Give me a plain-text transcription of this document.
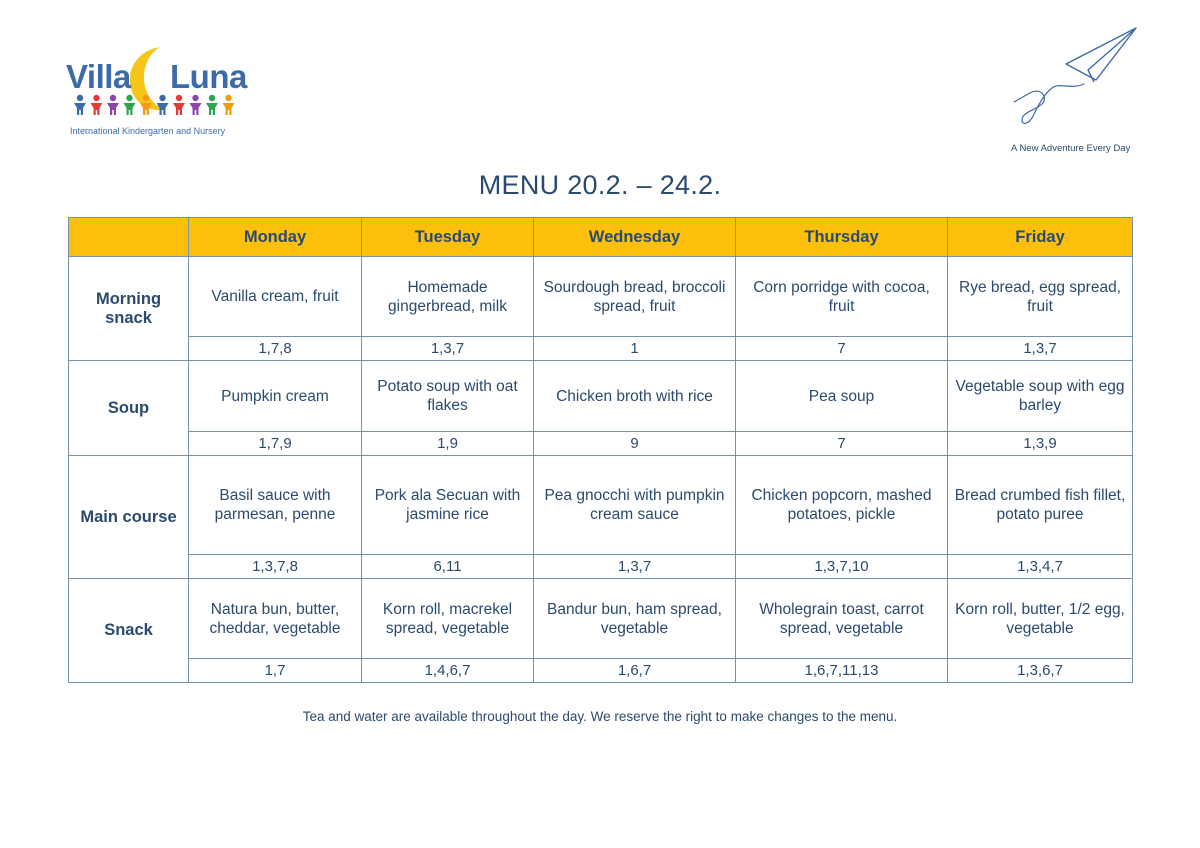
Villa Luna
International Kindergarten and Nursery
A New Adventure Every Day
MENU 20.2. – 24.2.
	Monday	Tuesday	Wednesday	Thursday	Friday
Morning snack	Vanilla cream, fruit	Homemade gingerbread, milk	Sourdough bread, broccoli spread, fruit	Corn porridge with cocoa, fruit	Rye bread, egg spread, fruit
	1,7,8	1,3,7	1	7	1,3,7
Soup	Pumpkin cream	Potato soup with oat flakes	Chicken broth with rice	Pea soup	Vegetable soup with egg barley
	1,7,9	1,9	9	7	1,3,9
Main course	Basil sauce with parmesan, penne	Pork ala Secuan with jasmine rice	Pea gnocchi with pumpkin cream sauce	Chicken popcorn, mashed potatoes, pickle	Bread crumbed fish fillet, potato puree
	1,3,7,8	6,11	1,3,7	1,3,7,10	1,3,4,7
Snack	Natura bun, butter, cheddar, vegetable	Korn roll, macrekel spread, vegetable	Bandur bun, ham spread, vegetable	Wholegrain toast, carrot spread, vegetable	Korn roll, butter, 1/2 egg, vegetable
	1,7	1,4,6,7	1,6,7	1,6,7,11,13	1,3,6,7
Tea and water are available throughout the day. We reserve the right to make changes to the menu.
